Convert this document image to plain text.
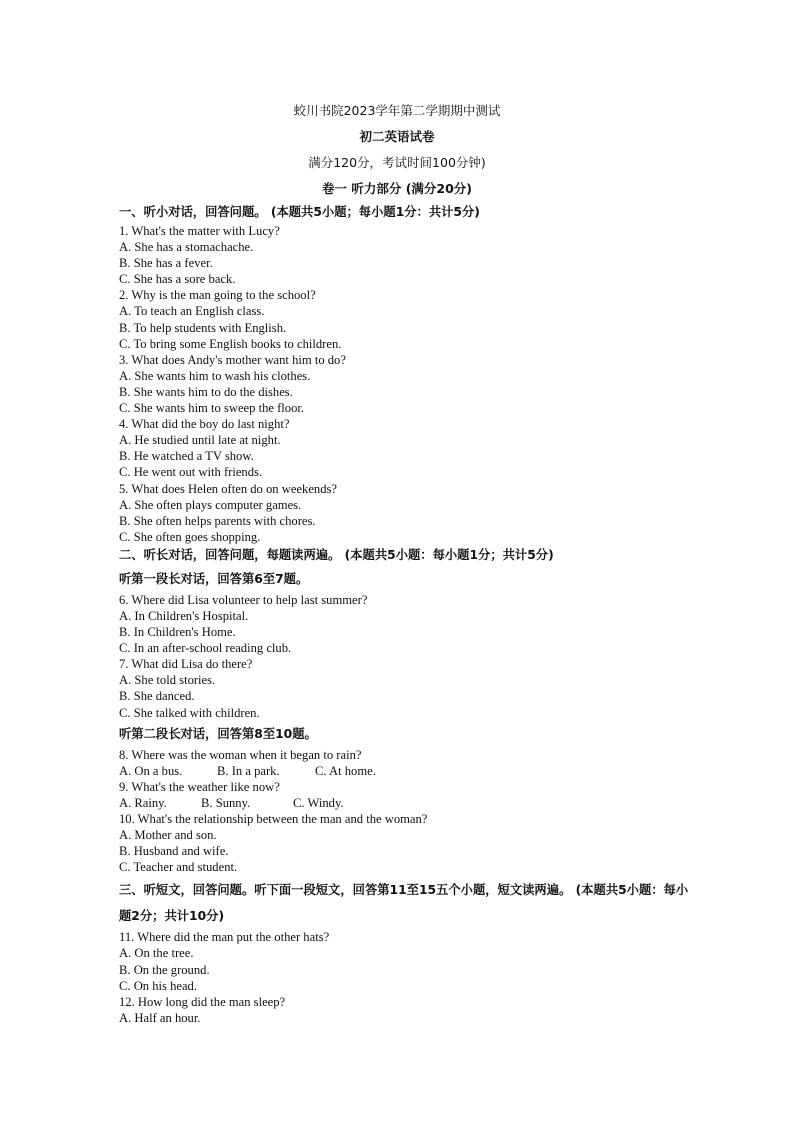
蛟川书院2023学年第二学期期中测试
初二英语试卷
满分120分，考试时间100分钟)
卷一 听力部分 (满分20分)
一、听小对话，回答问题。 (本题共5小题；每小题1分：共计5分)
1. What's the matter with Lucy?
A. She has a stomachache.
B. She has a fever.
C. She has a sore back.
2. Why is the man going to the school?
A. To teach an English class.
B. To help students with English.
C. To bring some English books to children.
3. What does Andy's mother want him to do?
A. She wants him to wash his clothes.
B. She wants him to do the dishes.
C. She wants him to sweep the floor.
4. What did the boy do last night?
A. He studied until late at night.
B. He watched a TV show.
C. He went out with friends.
5. What does Helen often do on weekends?
A. She often plays computer games.
B. She often helps parents with chores.
C. She often goes shopping.
二、听长对话，回答问题，每题读两遍。 (本题共5小题：每小题1分；共计5分)
听第一段长对话，回答第6至7题。
6. Where did Lisa volunteer to help last summer?
A. In Children's Hospital.
B. In Children's Home.
C. In an after-school reading club.
7. What did Lisa do there?
A. She told stories.
B. She danced.
C. She talked with children.
听第二段长对话，回答第8至10题。
8. Where was the woman when it began to rain?
A. On a bus.	B. In a park.	C. At home.
9. What's the weather like now?
A. Rainy.	B. Sunny.	C. Windy.
10. What's the relationship between the man and the woman?
A. Mother and son.
B. Husband and wife.
C. Teacher and student.
三、听短文，回答问题。听下面一段短文，回答第11至15五个小题，短文读两遍。 (本题共5小题：每小题2分；共计10分)
11. Where did the man put the other hats?
A. On the tree.
B. On the ground.
C. On his head.
12. How long did the man sleep?
A. Half an hour.
